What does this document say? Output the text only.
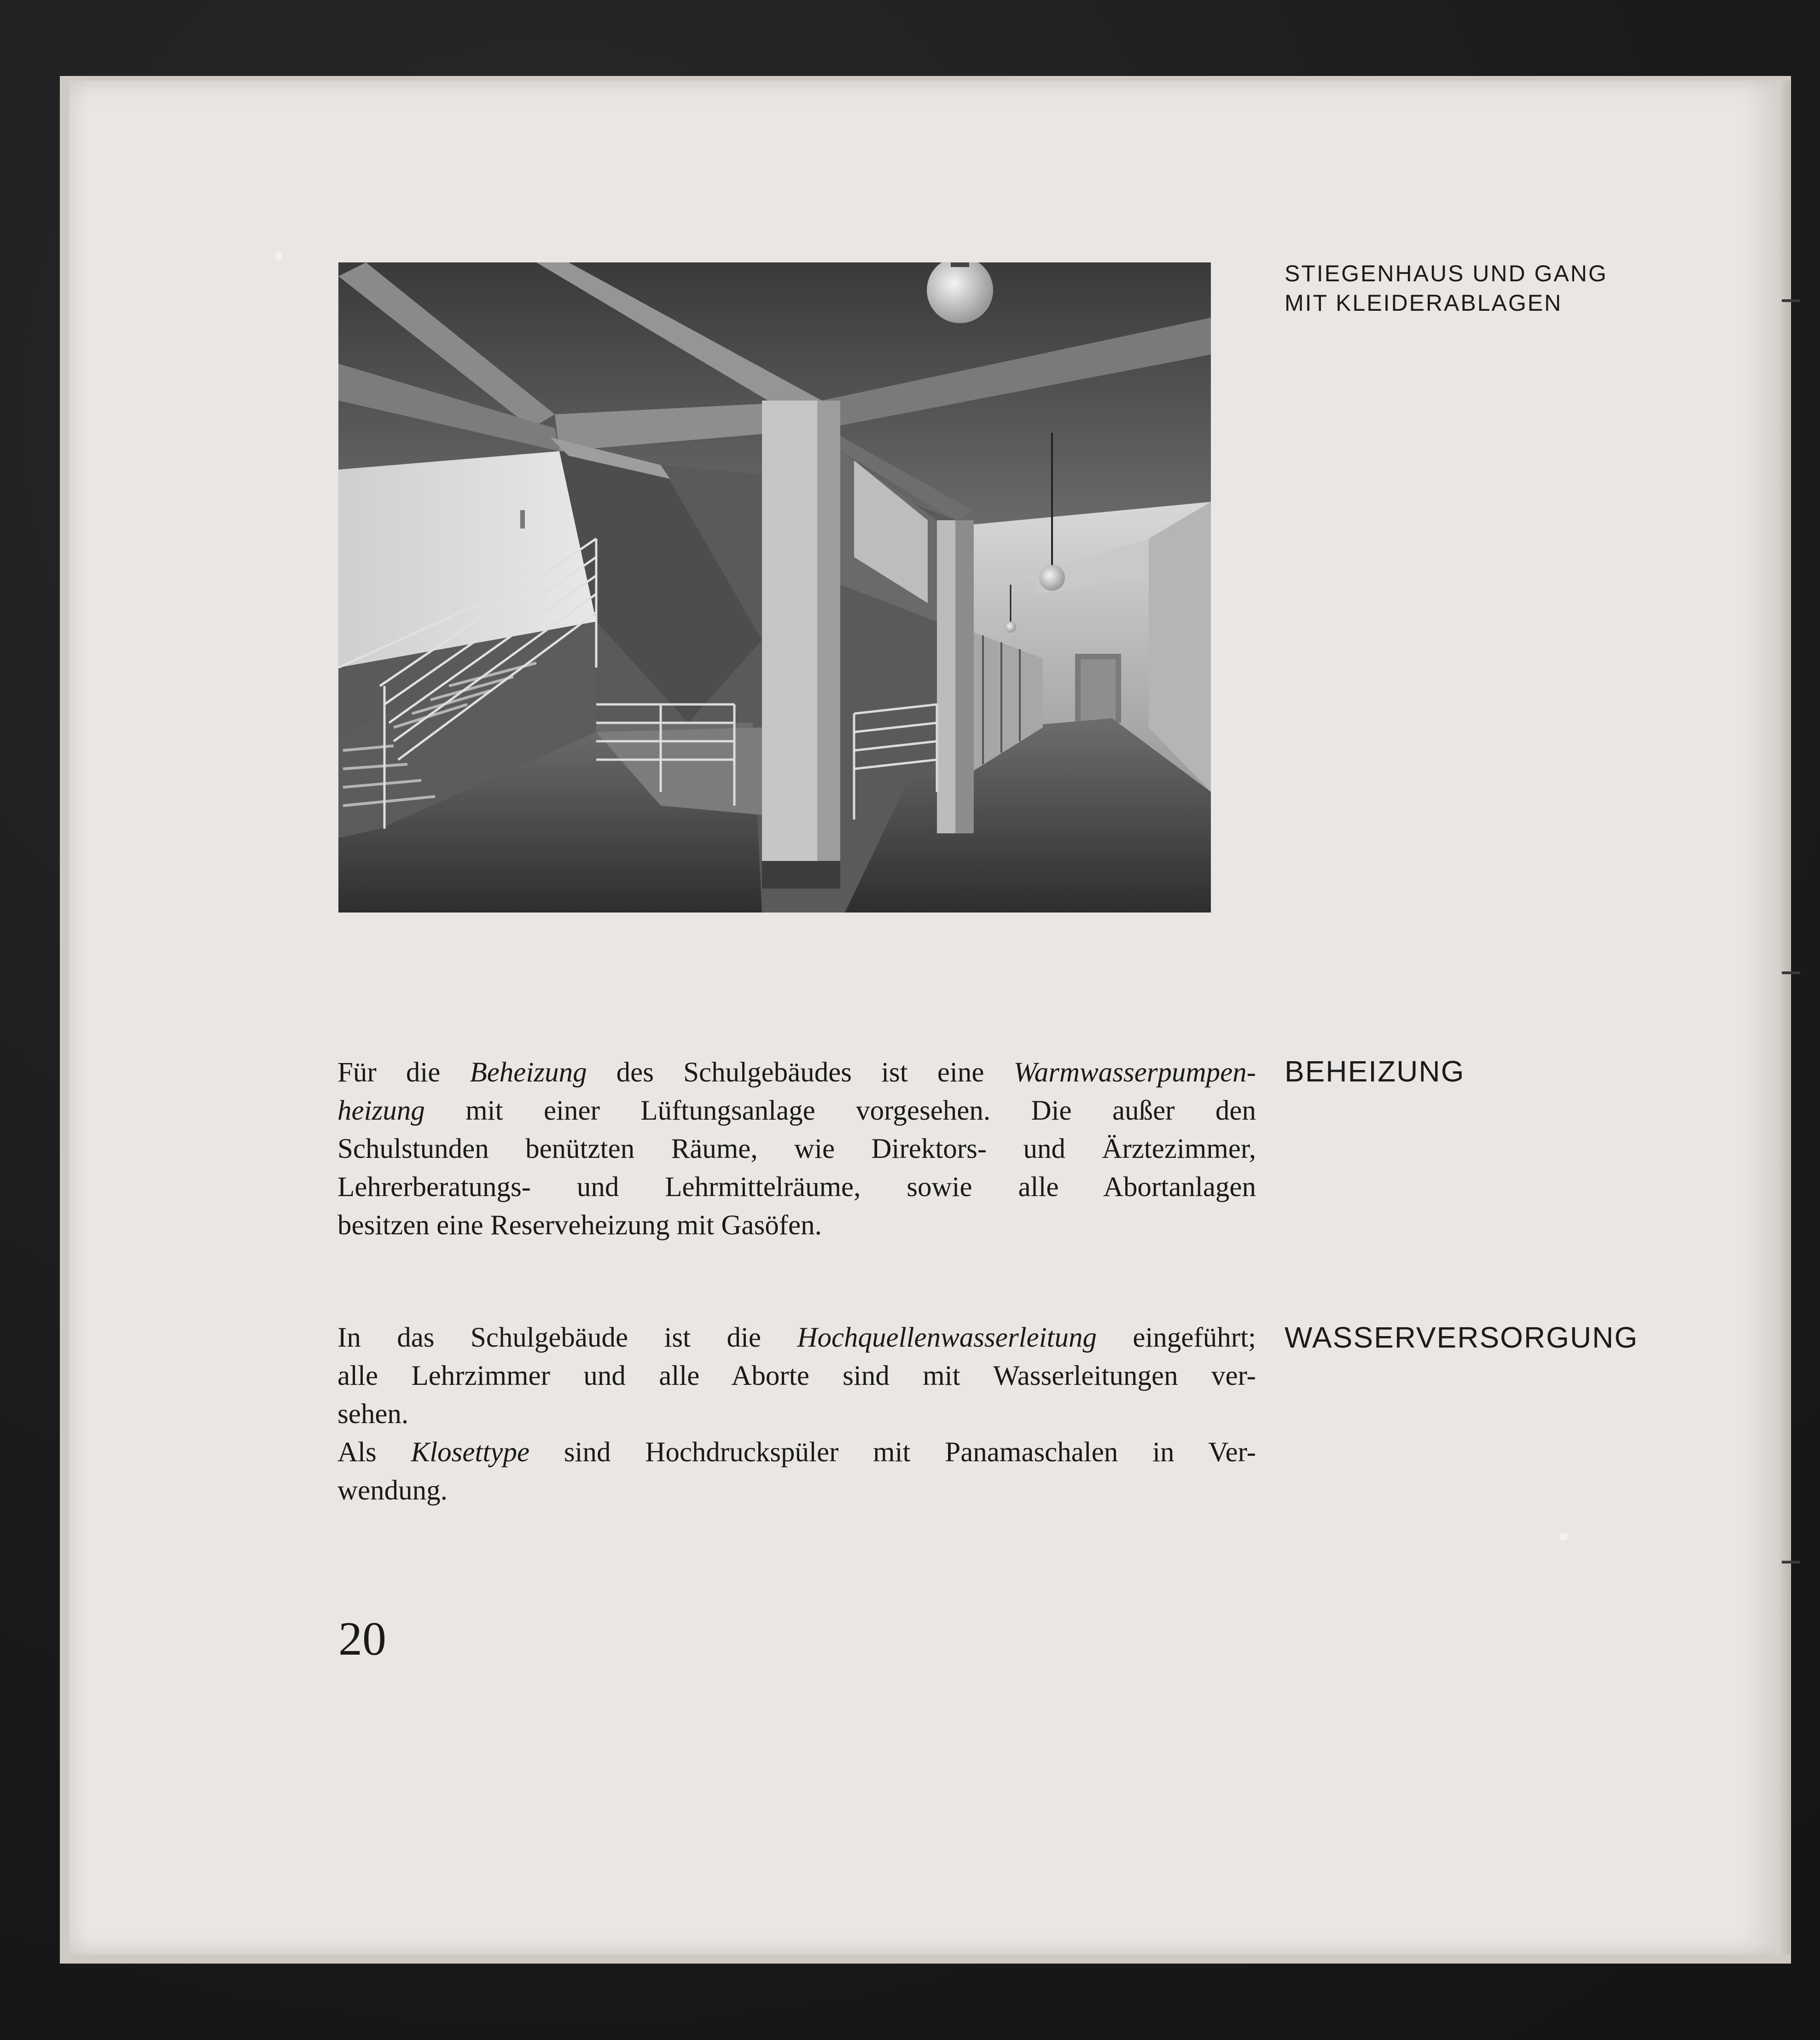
STIEGENHAUS UND GANG
MIT KLEIDERABLAGEN
BEHEIZUNG
Für die Beheizung des Schulgebäudes ist eine Warmwasserpumpen-
heizung mit einer Lüftungsanlage vorgesehen. Die außer den
Schulstunden benützten Räume, wie Direktors- und Ärztezimmer,
Lehrerberatungs- und Lehrmittelräume, sowie alle Abortanlagen
besitzen eine Reserveheizung mit Gasöfen.
WASSERVERSORGUNG
In das Schulgebäude ist die Hochquellenwasserleitung eingeführt;
alle Lehrzimmer und alle Aborte sind mit Wasserleitungen ver-
sehen.
Als Klosettype sind Hochdruckspüler mit Panamaschalen in Ver-
wendung.
20
